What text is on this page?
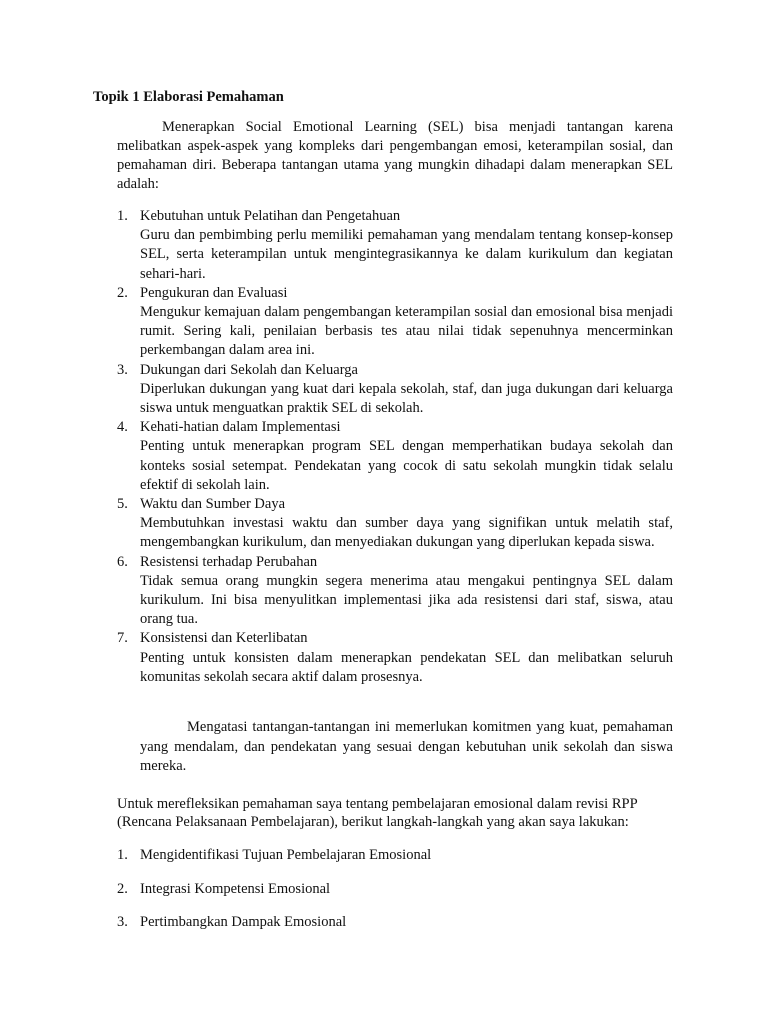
Topik 1 Elaborasi Pemahaman

Menerapkan Social Emotional Learning (SEL) bisa menjadi tantangan karena melibatkan aspek-aspek yang kompleks dari pengembangan emosi, keterampilan sosial, dan pemahaman diri. Beberapa tantangan utama yang mungkin dihadapi dalam menerapkan SEL adalah:

1. Kebutuhan untuk Pelatihan dan Pengetahuan
Guru dan pembimbing perlu memiliki pemahaman yang mendalam tentang konsep-konsep SEL, serta keterampilan untuk mengintegrasikannya ke dalam kurikulum dan kegiatan sehari-hari.
2. Pengukuran dan Evaluasi
Mengukur kemajuan dalam pengembangan keterampilan sosial dan emosional bisa menjadi rumit. Sering kali, penilaian berbasis tes atau nilai tidak sepenuhnya mencerminkan perkembangan dalam area ini.
3. Dukungan dari Sekolah dan Keluarga
Diperlukan dukungan yang kuat dari kepala sekolah, staf, dan juga dukungan dari keluarga siswa untuk menguatkan praktik SEL di sekolah.
4. Kehati-hatian dalam Implementasi
Penting untuk menerapkan program SEL dengan memperhatikan budaya sekolah dan konteks sosial setempat. Pendekatan yang cocok di satu sekolah mungkin tidak selalu efektif di sekolah lain.
5. Waktu dan Sumber Daya
Membutuhkan investasi waktu dan sumber daya yang signifikan untuk melatih staf, mengembangkan kurikulum, dan menyediakan dukungan yang diperlukan kepada siswa.
6. Resistensi terhadap Perubahan
Tidak semua orang mungkin segera menerima atau mengakui pentingnya SEL dalam kurikulum. Ini bisa menyulitkan implementasi jika ada resistensi dari staf, siswa, atau orang tua.
7. Konsistensi dan Keterlibatan
Penting untuk konsisten dalam menerapkan pendekatan SEL dan melibatkan seluruh komunitas sekolah secara aktif dalam prosesnya.

Mengatasi tantangan-tantangan ini memerlukan komitmen yang kuat, pemahaman yang mendalam, dan pendekatan yang sesuai dengan kebutuhan unik sekolah dan siswa mereka.

Untuk merefleksikan pemahaman saya tentang pembelajaran emosional dalam revisi RPP (Rencana Pelaksanaan Pembelajaran), berikut langkah-langkah yang akan saya lakukan:

1. Mengidentifikasi Tujuan Pembelajaran Emosional
2. Integrasi Kompetensi Emosional
3. Pertimbangkan Dampak Emosional
